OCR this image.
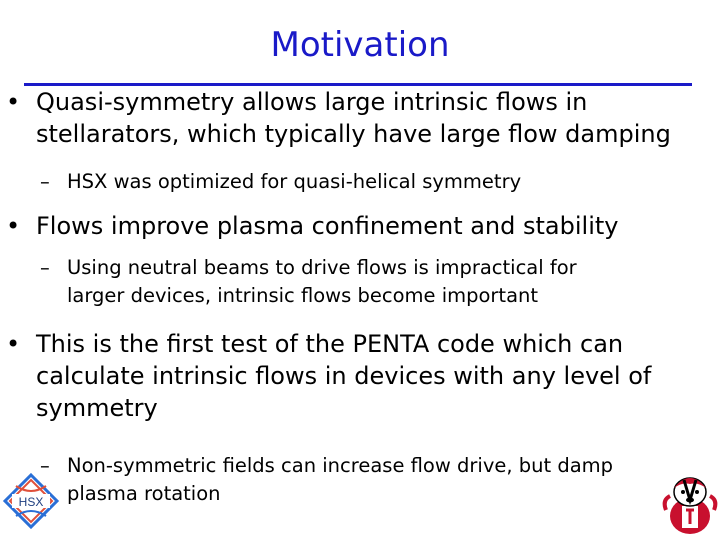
Motivation
• Quasi-symmetry allows large intrinsic flows in
stellarators, which typically have large flow damping
– HSX was optimized for quasi-helical symmetry
• Flows improve plasma confinement and stability
– Using neutral beams to drive flows is impractical for
larger devices, intrinsic flows become important
• This is the first test of the PENTA code which can
calculate intrinsic flows in devices with any level of
symmetry
– Non-symmetric fields can increase flow drive, but damp
plasma rotation
HSX
